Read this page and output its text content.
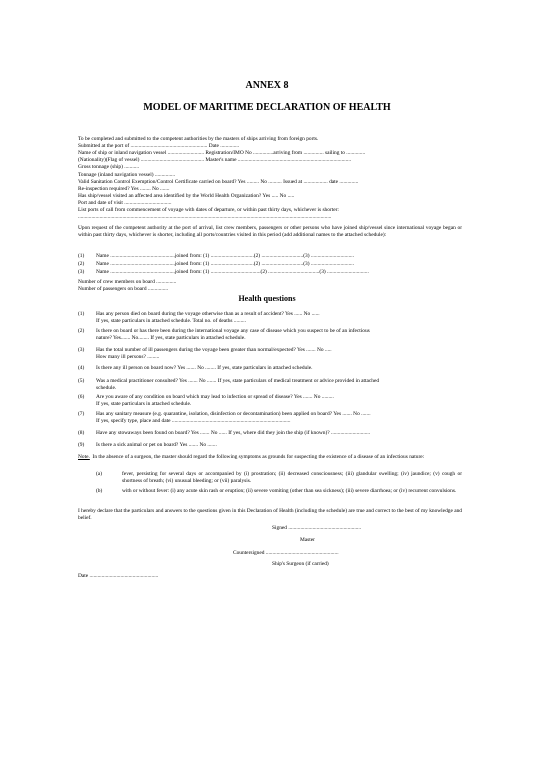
ANNEX 8
MODEL OF MARITIME DECLARATION OF HEALTH
To be completed and submitted to the competent authorities by the masters of ships arriving from foreign ports.
Submitted at the port of ......................................................... Date ..............
Name of ship or inland navigation vessel ........................... Registration/IMO No ...............arriving from ............... sailing to ..............
(Nationality)(Flag of vessel) ............................................... Master's name ....................................................................................
Gross tonnage (ship) ...........
Tonnage (inland navigation vessel) ...............
Valid Sanitation Control Exemption/Control Certificate carried on board? Yes ......... No .......... Issued at .................. date ..............
Re-inspection required? Yes ........ No .......
Has ship/vessel visited an affected area identified by the World Health Organization? Yes ..... No .....
Port and date of visit ...................................
List ports of call from commencement of voyage with dates of departure, or within past thirty days, whichever is shorter:
............................................................................................................................................................................................
Upon request of the competent authority at the port of arrival, list crew members, passengers or other persons who have joined ship/vessel since international voyage began or within past thirty days, whichever is shorter, including all ports/countries visited in this period (add additional names to the attached schedule):
(1) Name ................................................joined from: (1) ................................(2) ...............................(3) ................................
(2) Name ................................................joined from: (1) ................................(2) ...............................(3) ................................
(3) Name ................................................joined from: (1) .....................................(2) ......................................(3) ...............................
Number of crew members on board ...............
Number of passengers on board ...............
Health questions
(1) Has any person died on board during the voyage otherwise than as a result of accident? Yes ...... No ......
If yes, state particulars in attached schedule. Total no. of deaths .........
(2) Is there on board or has there been during the international voyage any case of disease which you suspect to be of an infectious
nature? Yes....... No........ If yes, state particulars in attached schedule.
(3) Has the total number of ill passengers during the voyage been greater than normal/expected? Yes ....... No .....
How many ill persons? .........
(4) Is there any ill person on board now? Yes ....... No ........ If yes, state particulars in attached schedule.
(5) Was a medical practitioner consulted? Yes ....... No ....... If yes, state particulars of medical treatment or advice provided in attached
schedule.
(6) Are you aware of any condition on board which may lead to infection or spread of disease? Yes ....... No .........
If yes, state particulars in attached schedule.
(7) Has any sanitary measure (e.g. quarantine, isolation, disinfection or decontamination) been applied on board? Yes ....... No .......
If yes, specify type, place and date ........................................................................................
(8) Have any stowaways been found on board? Yes ....... No ...... If yes, where did they join the ship (if known)? .............................
(9) Is there a sick animal or pet on board? Yes ....... No .......
Note. In the absence of a surgeon, the master should regard the following symptoms as grounds for suspecting the existence of a disease of an infectious nature:
(a)	fever, persisting for several days or accompanied by (i) prostration; (ii) decreased consciousness; (iii) glandular swelling; (iv) jaundice; (v) cough or shortness of breath; (vi) unusual bleeding; or (vii) paralysis.
(b)	with or without fever: (i) any acute skin rash or eruption; (ii) severe vomiting (other than sea sickness); (iii) severe diarrhoea; or (iv) recurrent convulsions.
I hereby declare that the particulars and answers to the questions given in this Declaration of Health (including the schedule) are true and correct to the best of my knowledge and belief.
Signed ......................................................
Master
Countersigned ......................................................
Ship's Surgeon (if carried)
Date ...................................................
